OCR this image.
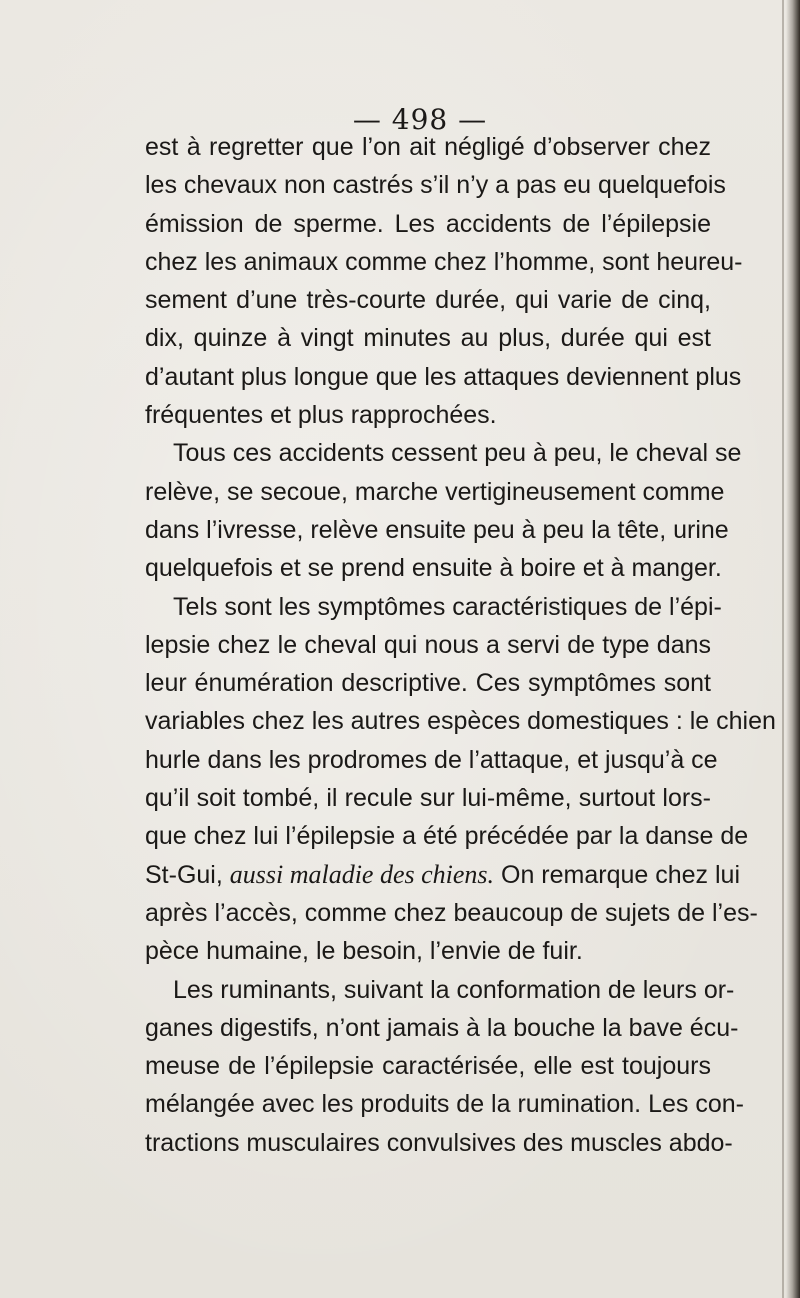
— 498 —
est à regretter que l’on ait négligé d’observer chez
les chevaux non castrés s’il n’y a pas eu quelquefois
émission de sperme. Les accidents de l’épilepsie
chez les animaux comme chez l’homme, sont heureu-
sement d’une très-courte durée, qui varie de cinq,
dix, quinze à vingt minutes au plus, durée qui est
d’autant plus longue que les attaques deviennent plus
fréquentes et plus rapprochées.
Tous ces accidents cessent peu à peu, le cheval se
relève, se secoue, marche vertigineusement comme
dans l’ivresse, relève ensuite peu à peu la tête, urine
quelquefois et se prend ensuite à boire et à manger.
Tels sont les symptômes caractéristiques de l’épi-
lepsie chez le cheval qui nous a servi de type dans
leur énumération descriptive. Ces symptômes sont
variables chez les autres espèces domestiques : le chien
hurle dans les prodromes de l’attaque, et jusqu’à ce
qu’il soit tombé, il recule sur lui-même, surtout lors-
que chez lui l’épilepsie a été précédée par la danse de
St-Gui, aussi maladie des chiens. On remarque chez lui
après l’accès, comme chez beaucoup de sujets de l’es-
pèce humaine, le besoin, l’envie de fuir.
Les ruminants, suivant la conformation de leurs or-
ganes digestifs, n’ont jamais à la bouche la bave écu-
meuse de l’épilepsie caractérisée, elle est toujours
mélangée avec les produits de la rumination. Les con-
tractions musculaires convulsives des muscles abdo-
